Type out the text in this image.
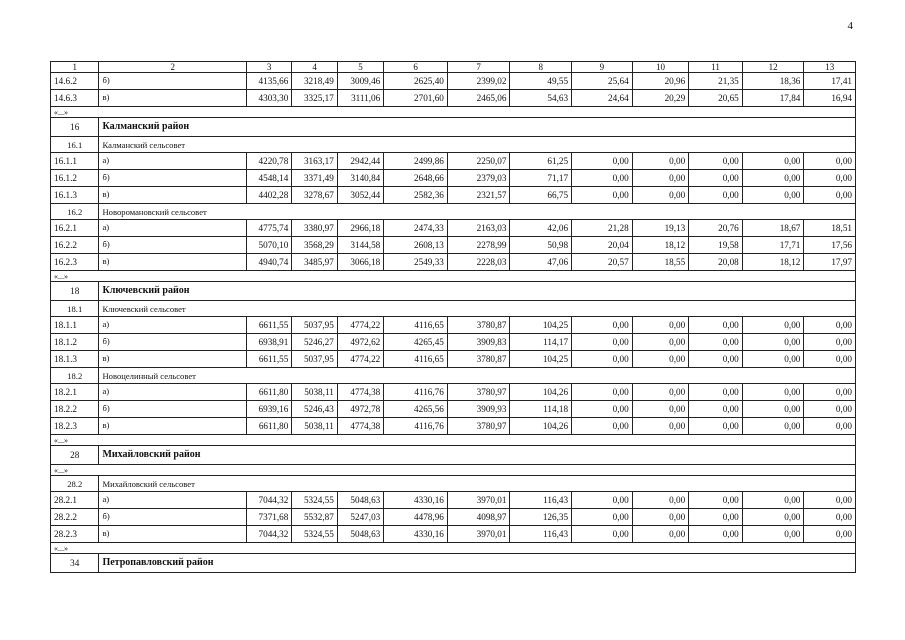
4
1	2	3	4	5	6	7	8	9	10	11	12	13
14.6.2	б)	4135,66	3218,49	3009,46	2625,40	2399,02	49,55	25,64	20,96	21,35	18,36	17,41
14.6.3	в)	4303,30	3325,17	3111,06	2701,60	2465,06	54,63	24,64	20,29	20,65	17,84	16,94
«...»												
16	Калманский район											
16.1	Калманский сельсовет											
16.1.1	а)	4220,78	3163,17	2942,44	2499,86	2250,07	61,25	0,00	0,00	0,00	0,00	0,00
16.1.2	б)	4548,14	3371,49	3140,84	2648,66	2379,03	71,17	0,00	0,00	0,00	0,00	0,00
16.1.3	в)	4402,28	3278,67	3052,44	2582,36	2321,57	66,75	0,00	0,00	0,00	0,00	0,00
16.2	Новоромановский сельсовет											
16.2.1	а)	4775,74	3380,97	2966,18	2474,33	2163,03	42,06	21,28	19,13	20,76	18,67	18,51
16.2.2	б)	5070,10	3568,29	3144,58	2608,13	2278,99	50,98	20,04	18,12	19,58	17,71	17,56
16.2.3	в)	4940,74	3485,97	3066,18	2549,33	2228,03	47,06	20,57	18,55	20,08	18,12	17,97
«...»												
18	Ключевский район											
18.1	Ключевский сельсовет											
18.1.1	а)	6611,55	5037,95	4774,22	4116,65	3780,87	104,25	0,00	0,00	0,00	0,00	0,00
18.1.2	б)	6938,91	5246,27	4972,62	4265,45	3909,83	114,17	0,00	0,00	0,00	0,00	0,00
18.1.3	в)	6611,55	5037,95	4774,22	4116,65	3780,87	104,25	0,00	0,00	0,00	0,00	0,00
18.2	Новоцелинный сельсовет											
18.2.1	а)	6611,80	5038,11	4774,38	4116,76	3780,97	104,26	0,00	0,00	0,00	0,00	0,00
18.2.2	б)	6939,16	5246,43	4972,78	4265,56	3909,93	114,18	0,00	0,00	0,00	0,00	0,00
18.2.3	в)	6611,80	5038,11	4774,38	4116,76	3780,97	104,26	0,00	0,00	0,00	0,00	0,00
«...»												
28	Михайловский район											
«...»												
28.2	Михайловский сельсовет											
28.2.1	а)	7044,32	5324,55	5048,63	4330,16	3970,01	116,43	0,00	0,00	0,00	0,00	0,00
28.2.2	б)	7371,68	5532,87	5247,03	4478,96	4098,97	126,35	0,00	0,00	0,00	0,00	0,00
28.2.3	в)	7044,32	5324,55	5048,63	4330,16	3970,01	116,43	0,00	0,00	0,00	0,00	0,00
«...»												
34	Петропавловский район											
